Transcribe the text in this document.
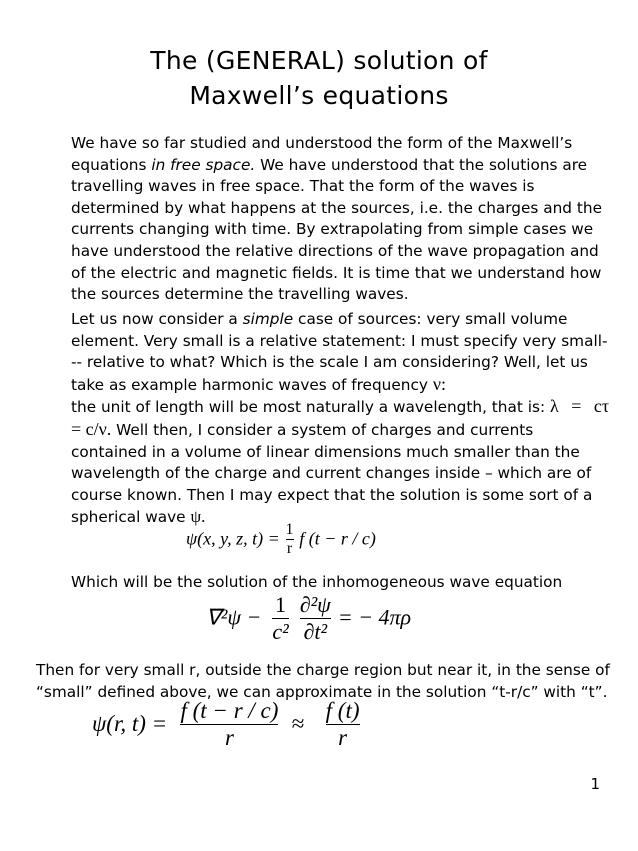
The (GENERAL) solution of
Maxwell’s equations

We have so far studied and understood the form of the Maxwell’s equations in free space. We have understood that the solutions are travelling waves in free space. That the form of the waves is determined by what happens at the sources, i.e. the charges and the currents changing with time. By extrapolating from simple cases we have understood the relative directions of the wave propagation and of the electric and magnetic fields. It is time that we understand how the sources determine the travelling waves.

Let us now consider a simple case of sources: very small volume element. Very small is a relative statement: I must specify very small--- relative to what? Which is the scale I am considering? Well, let us take as example harmonic waves of frequency ν:
the unit of length will be most naturally a wavelength, that is: λ = cτ
= c/ν. Well then, I consider a system of charges and currents contained in a volume of linear dimensions much smaller than the wavelength of the charge and current changes inside – which are of course known. Then I may expect that the solution is some sort of a spherical wave ψ.

ψ(x, y, z, $t) = \frac{1}{r}$ f (t − r / c)

Which will be the solution of the inhomogeneous wave equation

$\nabla^2\psi - \frac{1}{\text{c²}}$
$\frac{\text{∂²ψ}}{\text{∂t²}}$ = − 4πρ

Then for very small r, outside the charge region but near it, in the sense of “small” defined above, we can approximate in the solution “t-r/c” with “t”.

ψ(r, $t) = \frac{f (t - r / c)}{r} \approx \frac{f (t)}{r}$
1
